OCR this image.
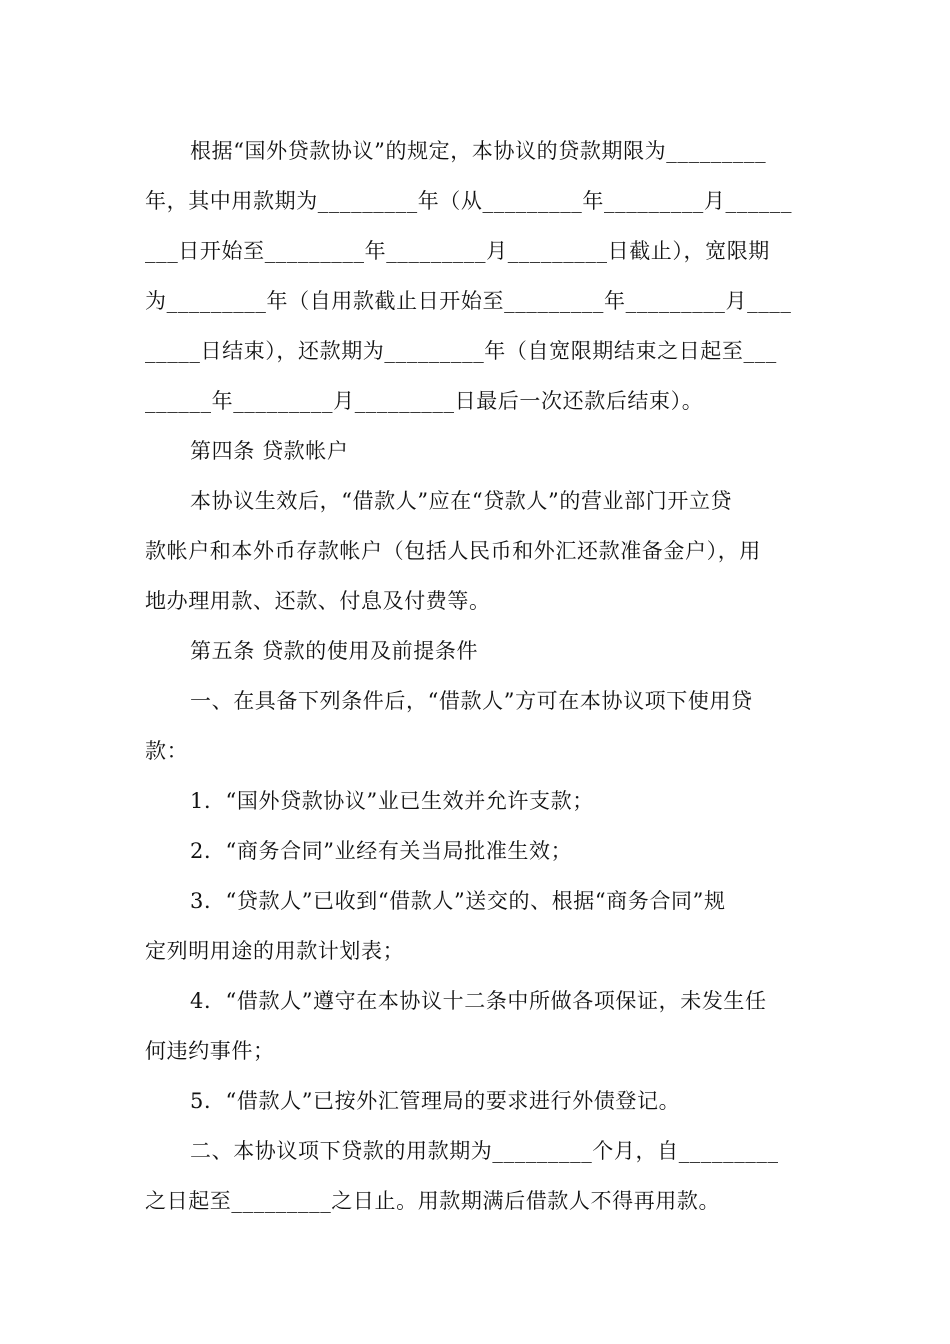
根据“国外贷款协议”的规定，本协议的贷款期限为_________
年，其中用款期为_________年（从_________年_________月______
___日开始至_________年_________月_________日截止），宽限期
为_________年（自用款截止日开始至_________年_________月____
_____日结束），还款期为_________年（自宽限期结束之日起至___
______年_________月_________日最后一次还款后结束）。
第四条 贷款帐户
本协议生效后，“借款人”应在“贷款人”的营业部门开立贷
款帐户和本外币存款帐户（包括人民币和外汇还款准备金户），用
地办理用款、还款、付息及付费等。
第五条 贷款的使用及前提条件
一、在具备下列条件后，“借款人”方可在本协议项下使用贷
款：
1．“国外贷款协议”业已生效并允许支款；
2．“商务合同”业经有关当局批准生效；
3．“贷款人”已收到“借款人”送交的、根据“商务合同”规
定列明用途的用款计划表；
4．“借款人”遵守在本协议十二条中所做各项保证，未发生任
何违约事件；
5．“借款人”已按外汇管理局的要求进行外债登记。
二、本协议项下贷款的用款期为_________个月，自_________
之日起至_________之日止。用款期满后借款人不得再用款。
